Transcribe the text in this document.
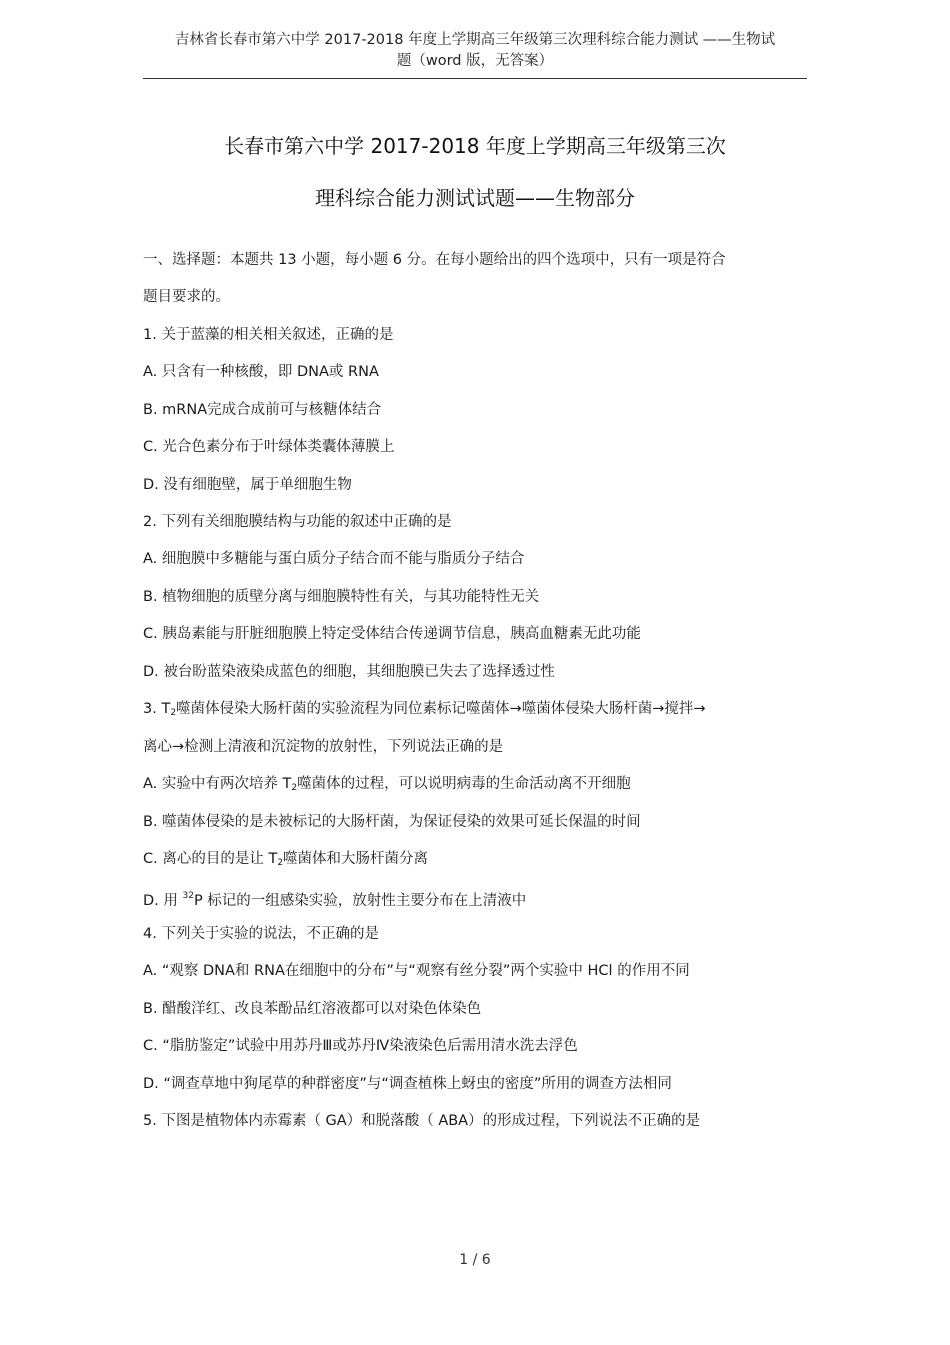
吉林省长春市第六中学 2017-2018 年度上学期高三年级第三次理科综合能力测试 ——生物试
题（word 版，无答案）
长春市第六中学 2017-2018 年度上学期高三年级第三次
理科综合能力测试试题——生物部分
一、选择题：本题共 13 小题，每小题 6 分。在每小题给出的四个选项中，只有一项是符合
题目要求的。
1. 关于蓝藻的相关相关叙述，正确的是
A. 只含有一种核酸，即 DNA或 RNA
B. mRNA完成合成前可与核糖体结合
C. 光合色素分布于叶绿体类囊体薄膜上
D. 没有细胞壁，属于单细胞生物
2. 下列有关细胞膜结构与功能的叙述中正确的是
A. 细胞膜中多糖能与蛋白质分子结合而不能与脂质分子结合
B. 植物细胞的质壁分离与细胞膜特性有关，与其功能特性无关
C. 胰岛素能与肝脏细胞膜上特定受体结合传递调节信息，胰高血糖素无此功能
D. 被台盼蓝染液染成蓝色的细胞，其细胞膜已失去了选择透过性
3. $T_2$噬菌体侵染大肠杆菌的实验流程为同位素标记噬菌体→噬菌体侵染大肠杆菌→搅拌→
离心→检测上清液和沉淀物的放射性，下列说法正确的是
A. 实验中有两次培养 $T_2$噬菌体的过程，可以说明病毒的生命活动离不开细胞
B. 噬菌体侵染的是未被标记的大肠杆菌，为保证侵染的效果可延长保温的时间
C. 离心的目的是让 $T_2$噬菌体和大肠杆菌分离
D. 用 $^{32}$P 标记的一组感染实验，放射性主要分布在上清液中
4. 下列关于实验的说法，不正确的是
A. “观察 DNA和 RNA在细胞中的分布”与“观察有丝分裂”两个实验中 HCl 的作用不同
B. 醋酸洋红、改良苯酚品红溶液都可以对染色体染色
C. “脂肪鉴定”试验中用苏丹Ⅲ或苏丹Ⅳ染液染色后需用清水洗去浮色
D. “调查草地中狗尾草的种群密度”与“调查植株上蚜虫的密度”所用的调查方法相同
5. 下图是植物体内赤霉素（ GA）和脱落酸（ ABA）的形成过程，下列说法不正确的是
1 / 6
